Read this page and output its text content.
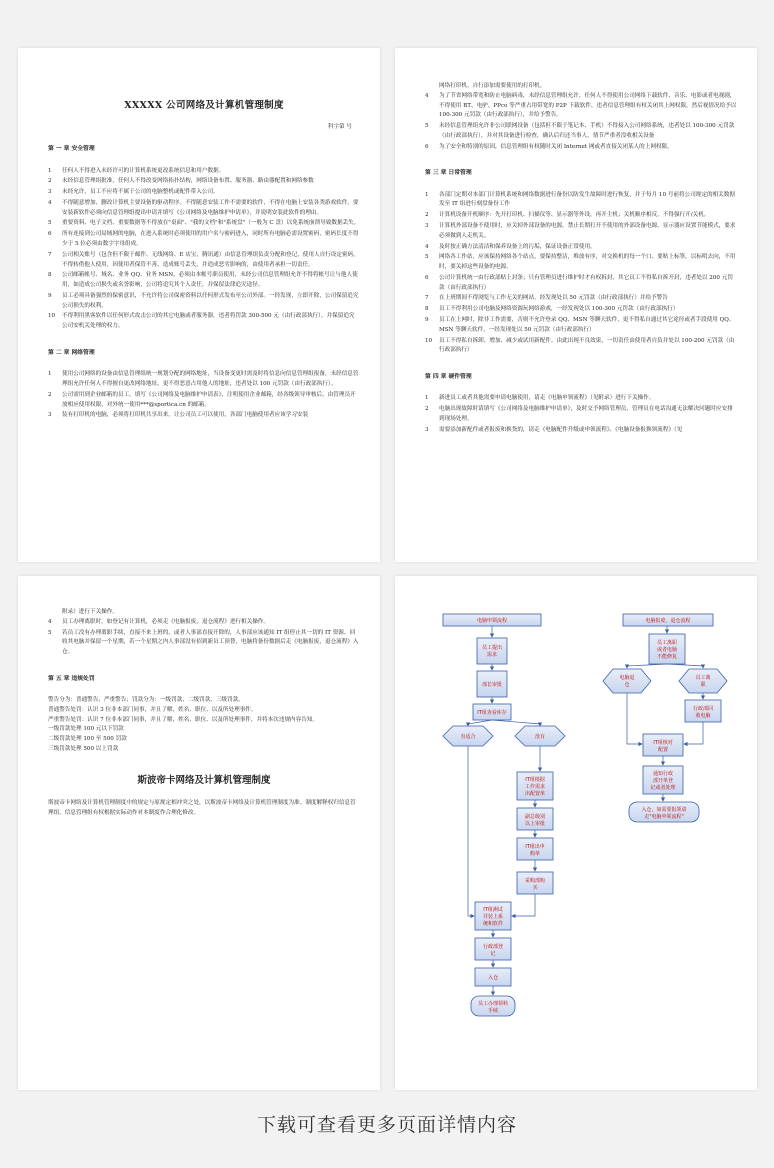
XXXXX 公司网络及计算机管理制度
科字第 号
第 一 章 安全管理
1	任何人不得进入未经许可的计算机系统更改系统信息和用户数据。
2	未经信息管理组批准，任何人不得改变网络拓扑结构，网络设备布置、服务器、路由器配置和网络参数
3	未经允许，员工不应将不属于公司的电脑整机或配件带入公司。
4	不得随意增加、删改计算机主要设备的驱动程序。不得随意安装工作不需要的软件，不得在电脑上安装各类游戏软件。要安装新软件必须向信息管理组提出申请并填写《公司网络及电脑维护申请单》，并说明安装此软件的理由。
5	重要资料、电子文档、重要数据等不得放在"桌面"、"我的文档"和"系统盘"（一般为 C 盘）以免系统崩溃导致数据丢失。
6	所有连接到公司局域网的电脑，在进入系统时必须使用的用户名与密码进入，同时所有电脑必需设置密码，密码长度不得少于 5 位必须由数字字母组成。
7	公司相关账号（包含但不限于邮件、无线网络、E 店宝，腾讯通）由信息管理组负责分配和登记，使用人自行设定密码，不得转借他人使用，因使用者保管不善，造成账号丢失，并造成恶劣影响的，由使用者承担一切责任。
8	公司邮箱帐号、域名、业务 QQ、业务 MSN，必须由本帐号职员使用，未经公司信息管理组允许不得将帐号让与他人使用，如造成公司损失或名誉影响，公司将追究其个人责任，并保留法律追究途径。
9	员工必须具备强烈的保密意识，不允许将公司保密资料以任何形式发布至公司外部。一经发现，立即开除，公司保留追究公司损失的权利。
10	不得利用黑客软件以任何形式攻击公司的其它电脑或者服务器，违者将罚款 300-500 元（由行政部执行），并保留追究公司安机关处理的权力。
第 二 章 网络管理
1	使用公司网络的设备由信息管理组统一规划分配的网络地址，当设备变更时需及时将信息向信息管理组报备，未经信息管理组允许任何人不得擅自更改网络地址，更不得恶意占用他人的地址，违者处以 100 元罚款（由行政部执行）。
2	公司需用到企业邮箱的员工，填写《公司网络及电脑维护申请表》，注明使用企业邮箱，经各级领导审核后，由管理员开放相应使用权限，对外统一使用***@sportica.cn 的邮箱。
3	装有打印机的电脑，必须将打印机共享出来，让公司员工可以使用，各部门电脑使用者应该学习安装
网络打印机、自行添加需要使用的打印机。
4	为了节省网络带宽和防止电脑病毒，未经信息管理组允许，任何人不得使用公司网络下载软件、音乐、电影或者电视剧，不得使用 BT、电驴、PPco 等严重占用带宽的 P2P 下载软件，违者信息管理组有权关闭其上网权限，然后视情况给予以 100-300 元罚款（由行政部执行），并给予警告。
5	未经信息管理组允许非公司联网设备（包括但不限于笔记本、手机）不得接入公司网络系统，违者处以 100-300 元罚款（由行政部执行），并对其设备进行检查，确认后归还当事人，情节严重者没收相关设备
6	为了安全和特别的原因，信息管理组有权随时关闭 Internet 网或者直接关闭某人的上网权限。
第 三 章 日常管理
1	各部门定期对本部门计算机系统和网络数据进行备份以防发生故障时进行恢复，并于每月 10 号前将公司规定的相关数据发至 IT 组进行刻盘备份工作
2	计算机设备开机顺序：先开打印机、扫描仪等、显示器等外设，再开主机；关机顺序相反，不得强行开/关机。
3	计算机外部设备不使用时，应关掉外部设备的电源。禁止长期打开不使用的外部设备电源，显示器应设置节能模式，要求必须做到人走机关。
4	及时按正确方法清洁和保养设备上的污垢，保证设备正常使用。
5	网络各工作站，应该保持网络各个站点，要保持整洁，堆放有序，对交换机的每一个口、要贴上标签，以标明去向，不用时，要关掉这些设备的电源。
6	公司计算机统一由行政部贴上封条；只有管理员进行维护时才有权拆封，其它员工不得私自拆开封，违者处以 200 元罚款（由行政部执行）
7	在上班期间不得浏览与工作无关的网站，经发现处以 50 元罚款（由行政部执行）并给予警告
8	员工不得利用公司电脑及网络资源玩网络游戏，一经发现处以 100-300 元罚款（由行政部执行）
9	员工在上网时，除非工作需要，否则不允许登录 QQ、MSN 等聊天软件，更不得私自通过其它途径或者手段使用 QQ、MSN 等聊天软件，一经发现处以 50 元罚款（由行政部执行）
10	员工不得私自拆卸、增加、减少或试用新配件。由此出现不良效果，一切责任由使用者自负并处以 100-200 元罚款（由行政部执行）
第 四 章 硬件管理
1	新进员工或者其他需要申请电脑使用，请走《电脑申领流程》（见附录）进行下关操作。
2	电脑出现故障时请填写《公司网络及电脑维护申请单》，及时交予网络管理员，管理员在电话沟通无法解决问题时应安排到现场处理。
3	需要添加新配件或者报废和换货的，请走《电脑配件升级或申领流程》、《电脑设备报换领流程》（见
附录）进行下关操作。
4	员工办理离职时，如登记有计算机，必须走《电脑报废，退仓流程》进行相关操作。
5	若员工没有办理离职手续，直接不来上班的，或者人事部直接开除的，人事部应该通知 IT 组停止其一切的 IT 资源、回收其电脑并保留一个星期，若一个星期之内人事部没有招到新员工顶替，电脑将备份数据后走《电脑报废，退仓流程》入仓。
第 五 章 违规处罚
警告分为：普通警告、严重警告；罚款分为：一级罚款、二级罚款、三级罚款。
普通警告处罚：认识 3 位非本部门同事，并且了解，姓名、职位、以及所处理事件。
严重警告处罚：认识 7 位非本部门同事，并且了解，姓名、职位、以及所处理事件，并将本次违规内容告知。
一级罚款处理 100 元以下罚款
二级罚款处理 100 至 500 罚款
三级罚款处理 500 以上罚款
斯波帝卡网络及计算机管理制度
斯波帝卡网络及计算机管理制度中的规定与原规定相冲突之处，以斯波帝卡网络及计算机管理制度为准。制度解释权归信息管理组，信息管理组有权根据实际动作对本制度作合理化修改。
电脑申领流程
员工提出
需求
部长审批
IT组查看库存
有适合	没有
IT组根据
工作需求
出配置单
副总级别
以上审批
IT组出申
购单
采购部购
买
IT组测试
并装上系
统和软件
行政部登
记
入仓
员工办理领料
手续
电脑报废，退仓流程
员工离职
或者电脑
不能修复
电脑退
仓
员工离
职
行政部回
收电脑
IT组核对
配置
通知行政
部开单登
记或者处理
入仓，如需要报领请
走"电脑申领流程"
下载可查看更多页面详情内容
